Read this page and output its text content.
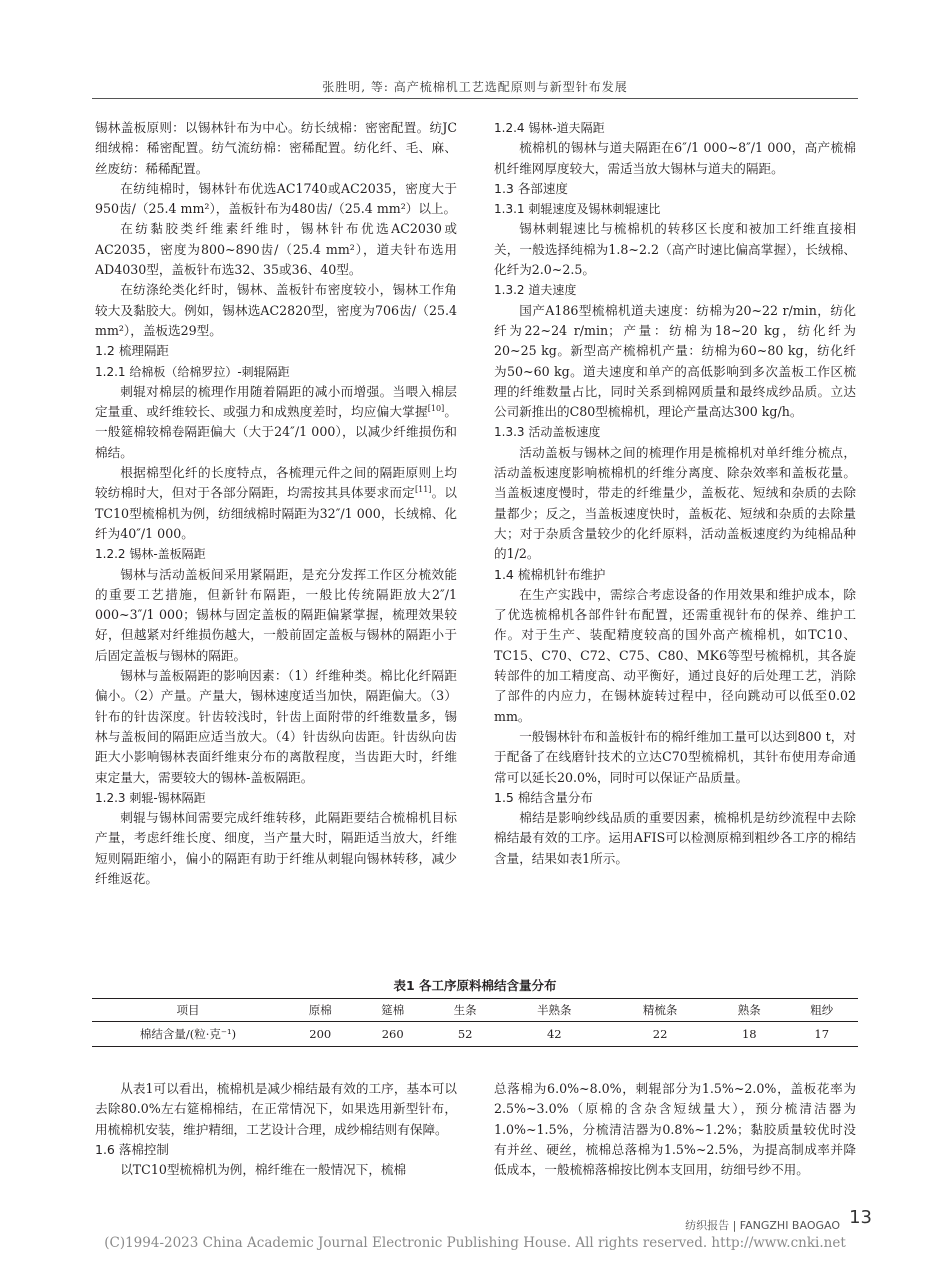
张胜明, 等: 高产梳棉机工艺选配原则与新型针布发展

锡林盖板原则：以锡林针布为中心。纺长绒棉：密密配置。纺JC细绒棉：稀密配置。纺气流纺棉：密稀配置。纺化纤、毛、麻、丝废纺：稀稀配置。

在纺纯棉时，锡林针布优选AC1740或AC2035，密度大于950齿/（25.4 mm²），盖板针布为480齿/（25.4 mm²）以上。

在纺黏胶类纤维素纤维时，锡林针布优选AC2030或AC2035，密度为800~890齿/（25.4 mm²），道夫针布选用AD4030型，盖板针布选32、35或36、40型。

在纺涤纶类化纤时，锡林、盖板针布密度较小，锡林工作角较大及黏胶大。例如，锡林选AC2820型，密度为706齿/（25.4 mm²），盖板选29型。

1.2 梳理隔距

1.2.1 给棉板（给棉罗拉）-刺辊隔距

刺辊对棉层的梳理作用随着隔距的减小而增强。当喂入棉层定量重、或纤维较长、或强力和成熟度差时，均应偏大掌握[10]。一般筵棉较棉卷隔距偏大（大于24″/1 000），以减少纤维损伤和棉结。

根据棉型化纤的长度特点，各梳理元件之间的隔距原则上均较纺棉时大，但对于各部分隔距，均需按其具体要求而定[11]。以TC10型梳棉机为例，纺细绒棉时隔距为32″/1 000，长绒棉、化纤为40″/1 000。

1.2.2 锡林-盖板隔距

锡林与活动盖板间采用紧隔距，是充分发挥工作区分梳效能的重要工艺措施，但新针布隔距，一般比传统隔距放大2″/1 000~3″/1 000；锡林与固定盖板的隔距偏紧掌握，梳理效果较好，但越紧对纤维损伤越大，一般前固定盖板与锡林的隔距小于后固定盖板与锡林的隔距。

锡林与盖板隔距的影响因素：（1）纤维种类。棉比化纤隔距偏小。（2）产量。产量大，锡林速度适当加快，隔距偏大。（3）针布的针齿深度。针齿较浅时，针齿上面附带的纤维数量多，锡林与盖板间的隔距应适当放大。（4）针齿纵向齿距。针齿纵向齿距大小影响锡林表面纤维束分布的离散程度，当齿距大时，纤维束定量大，需要较大的锡林-盖板隔距。

1.2.3 刺辊-锡林隔距

刺辊与锡林间需要完成纤维转移，此隔距要结合梳棉机目标产量，考虑纤维长度、细度，当产量大时，隔距适当放大，纤维短则隔距缩小，偏小的隔距有助于纤维从刺辊向锡林转移，减少纤维返花。

1.2.4 锡林-道夫隔距

梳棉机的锡林与道夫隔距在6″/1 000~8″/1 000，高产梳棉机纤维网厚度较大，需适当放大锡林与道夫的隔距。

1.3 各部速度

1.3.1 刺辊速度及锡林刺辊速比

锡林刺辊速比与梳棉机的转移区长度和被加工纤维直接相关，一般选择纯棉为1.8~2.2（高产时速比偏高掌握），长绒棉、化纤为2.0~2.5。

1.3.2 道夫速度

国产A186型梳棉机道夫速度：纺棉为20~22 r/min，纺化纤为22~24 r/min；产量：纺棉为18~20 kg，纺化纤为20~25 kg。新型高产梳棉机产量：纺棉为60~80 kg，纺化纤为50~60 kg。道夫速度和单产的高低影响到多次盖板工作区梳理的纤维数量占比，同时关系到棉网质量和最终成纱品质。立达公司新推出的C80型梳棉机，理论产量高达300 kg/h。

1.3.3 活动盖板速度

活动盖板与锡林之间的梳理作用是梳棉机对单纤维分梳点，活动盖板速度影响梳棉机的纤维分离度、除杂效率和盖板花量。当盖板速度慢时，带走的纤维量少，盖板花、短绒和杂质的去除量都少；反之，当盖板速度快时，盖板花、短绒和杂质的去除量大；对于杂质含量较少的化纤原料，活动盖板速度约为纯棉品种的1/2。

1.4 梳棉机针布维护

在生产实践中，需综合考虑设备的作用效果和维护成本，除了优选梳棉机各部件针布配置，还需重视针布的保养、维护工作。对于生产、装配精度较高的国外高产梳棉机，如TC10、TC15、C70、C72、C75、C80、MK6等型号梳棉机，其各旋转部件的加工精度高、动平衡好，通过良好的后处理工艺，消除了部件的内应力，在锡林旋转过程中，径向跳动可以低至0.02 mm。

一般锡林针布和盖板针布的棉纤维加工量可以达到800 t，对于配备了在线磨针技术的立达C70型梳棉机，其针布使用寿命通常可以延长20.0%，同时可以保证产品质量。

1.5 棉结含量分布

棉结是影响纱线品质的重要因素，梳棉机是纺纱流程中去除棉结最有效的工序。运用AFIS可以检测原棉到粗纱各工序的棉结含量，结果如表1所示。

表1 各工序原料棉结含量分布
项目	原棉	筵棉	生条	半熟条	精梳条	熟条	粗纱
棉结含量/(粒·克⁻¹)	200	260	52	42	22	18	17

从表1可以看出，梳棉机是减少棉结最有效的工序，基本可以去除80.0%左右筵棉棉结，在正常情况下，如果选用新型针布，用梳棉机安装，维护精细，工艺设计合理，成纱棉结则有保障。

1.6 落棉控制

以TC10型梳棉机为例，棉纤维在一般情况下，梳棉

总落棉为6.0%~8.0%，刺辊部分为1.5%~2.0%，盖板花率为2.5%~3.0%（原棉的含杂含短绒量大），预分梳清洁器为1.0%~1.5%，分梳清洁器为0.8%~1.2%；黏胶质量较优时没有并丝、硬丝，梳棉总落棉为1.5%~2.5%，为提高制成率并降低成本，一般梳棉落棉按比例本支回用，纺细号纱不用。

纺织报告 | FANGZHI BAOGAO 13
(C)1994-2023 China Academic Journal Electronic Publishing House. All rights reserved. http://www.cnki.net
